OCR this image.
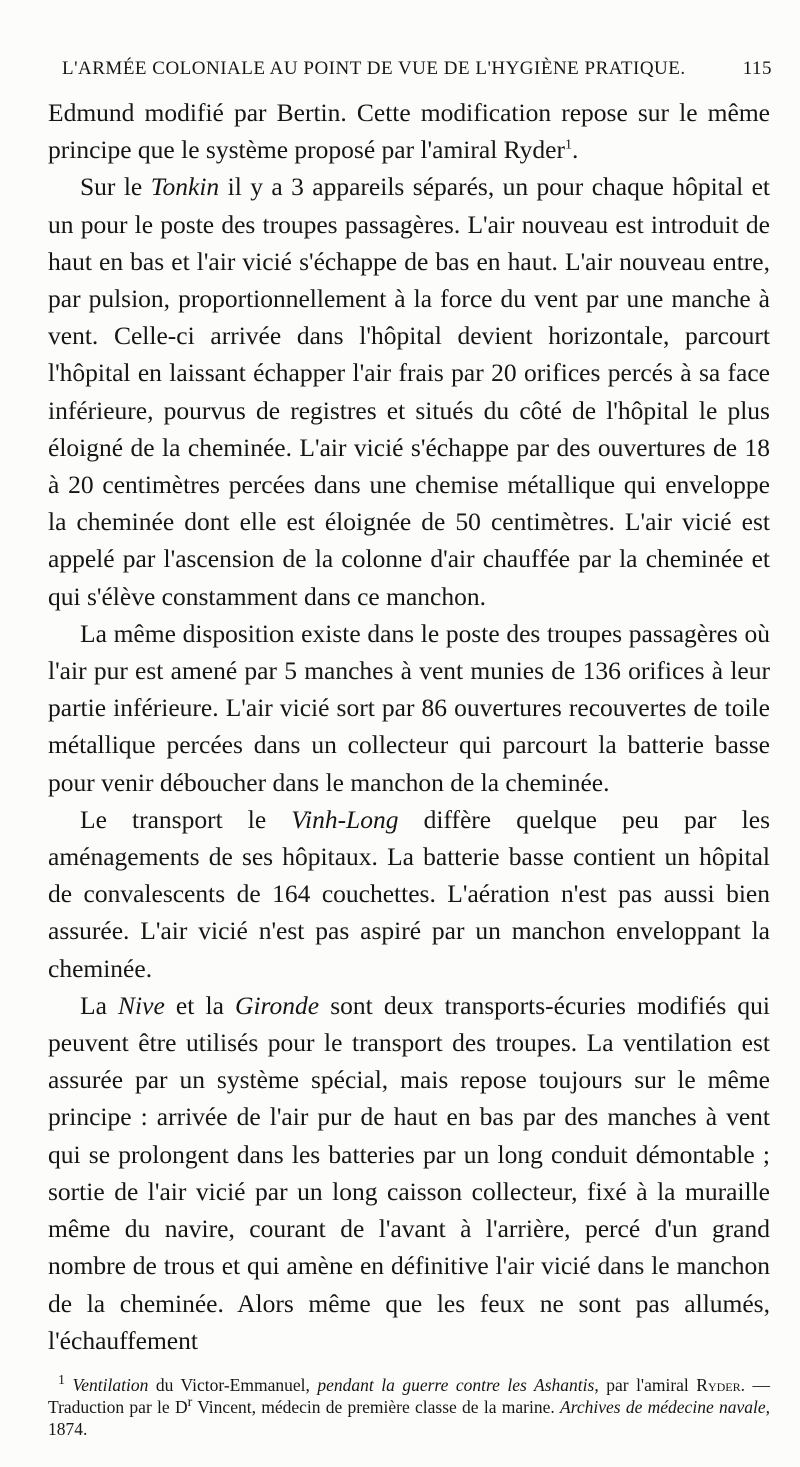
L'ARMÉE COLONIALE AU POINT DE VUE DE L'HYGIÈNE PRATIQUE.	115

Edmund modifié par Bertin. Cette modification repose sur le même principe que le système proposé par l'amiral Ryder$^1$.

Sur le Tonkin il y a 3 appareils séparés, un pour chaque hôpital et un pour le poste des troupes passagères. L'air nouveau est introduit de haut en bas et l'air vicié s'échappe de bas en haut. L'air nouveau entre, par pulsion, proportionnellement à la force du vent par une manche à vent. Celle-ci arrivée dans l'hôpital devient horizontale, parcourt l'hôpital en laissant échapper l'air frais par 20 orifices percés à sa face inférieure, pourvus de registres et situés du côté de l'hôpital le plus éloigné de la cheminée. L'air vicié s'échappe par des ouvertures de 18 à 20 centimètres percées dans une chemise métallique qui enveloppe la cheminée dont elle est éloignée de 50 centimètres. L'air vicié est appelé par l'ascension de la colonne d'air chauffée par la cheminée et qui s'élève constamment dans ce manchon.

La même disposition existe dans le poste des troupes passagères où l'air pur est amené par 5 manches à vent munies de 136 orifices à leur partie inférieure. L'air vicié sort par 86 ouvertures recouvertes de toile métallique percées dans un collecteur qui parcourt la batterie basse pour venir déboucher dans le manchon de la cheminée.

Le transport le Vinh-Long diffère quelque peu par les aménagements de ses hôpitaux. La batterie basse contient un hôpital de convalescents de 164 couchettes. L'aération n'est pas aussi bien assurée. L'air vicié n'est pas aspiré par un manchon enveloppant la cheminée.

La Nive et la Gironde sont deux transports-écuries modifiés qui peuvent être utilisés pour le transport des troupes. La ventilation est assurée par un système spécial, mais repose toujours sur le même principe : arrivée de l'air pur de haut en bas par des manches à vent qui se prolongent dans les batteries par un long conduit démontable ; sortie de l'air vicié par un long caisson collecteur, fixé à la muraille même du navire, courant de l'avant à l'arrière, percé d'un grand nombre de trous et qui amène en définitive l'air vicié dans le manchon de la cheminée. Alors même que les feux ne sont pas allumés, l'échauffement

$^1$ Ventilation du Victor-Emmanuel, pendant la guerre contre les Ashantis, par l'amiral Ryder. — Traduction par le $D^r$ Vincent, médecin de première classe de la marine. Archives de médecine navale, 1874.
